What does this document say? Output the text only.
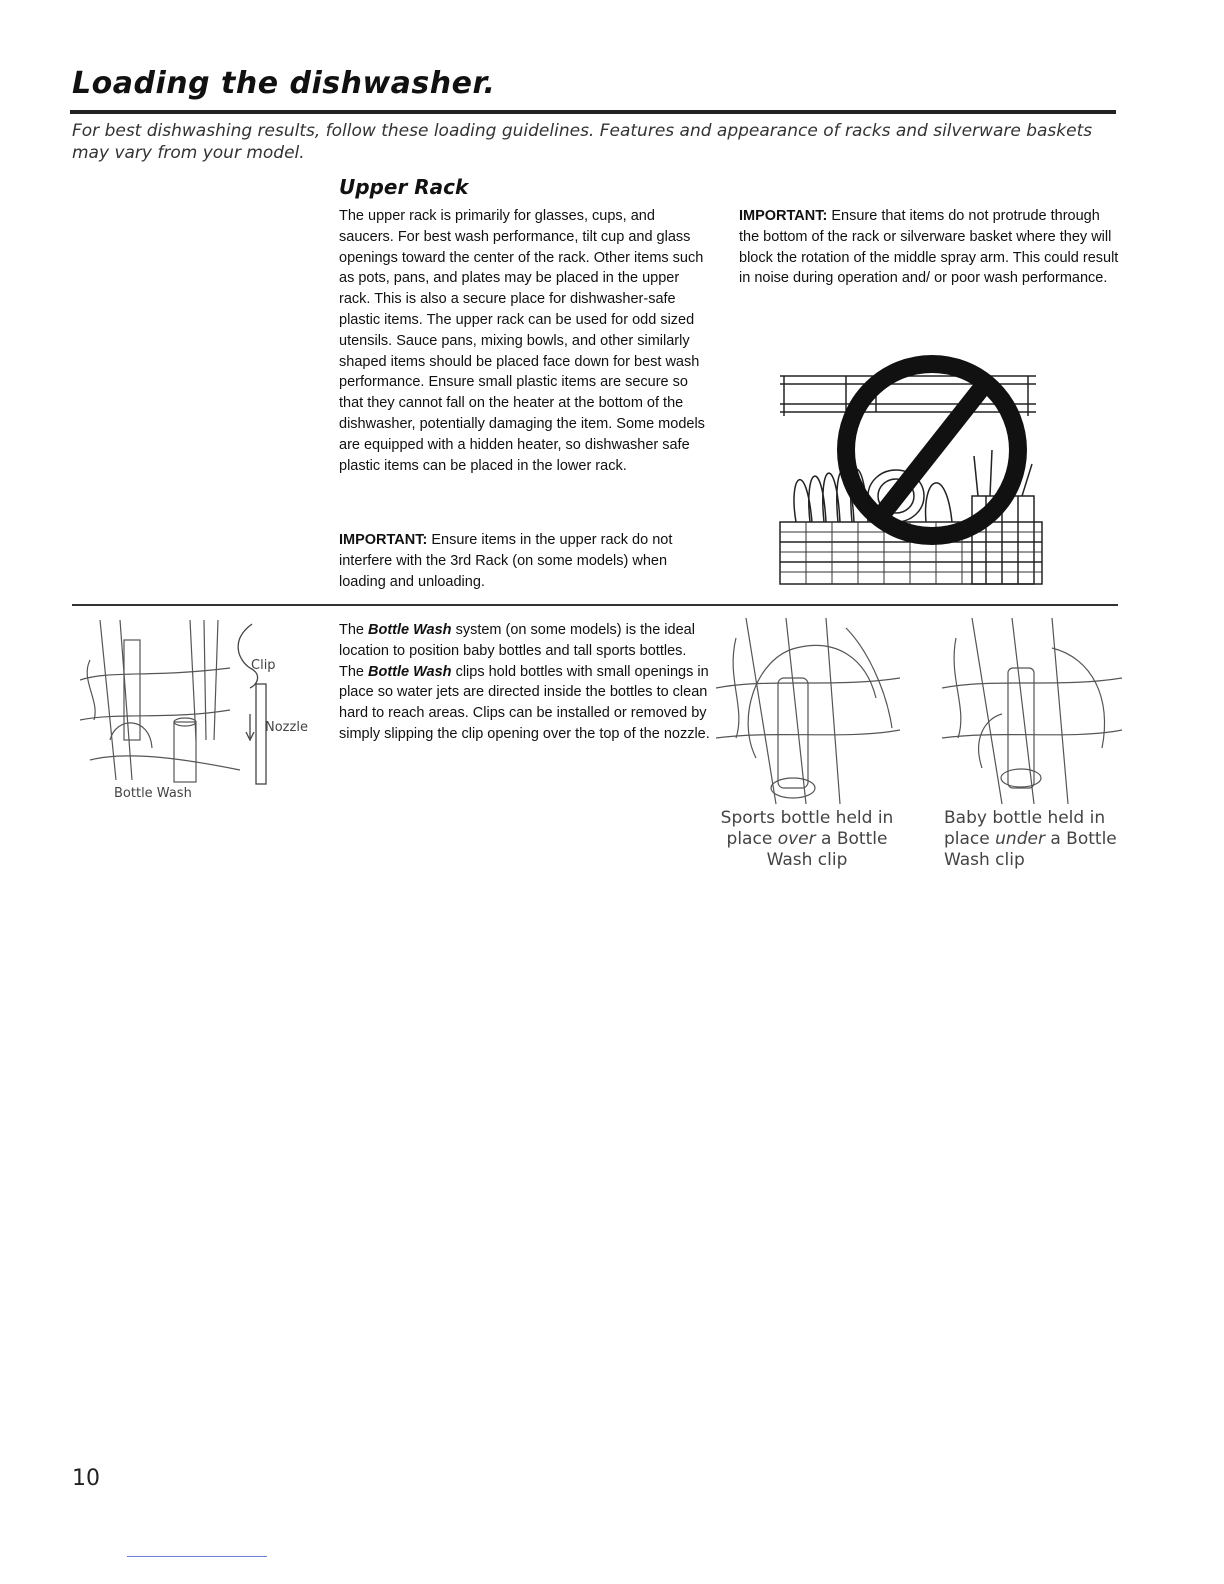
Loading the dishwasher.

For best dishwashing results, follow these loading guidelines. Features and appearance of racks and silverware baskets may vary from your model.

Upper Rack

The upper rack is primarily for glasses, cups, and saucers. For best wash performance, tilt cup and glass openings toward the center of the rack. Other items such as pots, pans, and plates may be placed in the upper rack. This is also a secure place for dishwasher-safe plastic items. The upper rack can be used for odd sized utensils. Sauce pans, mixing bowls, and other similarly shaped items should be placed face down for best wash performance. Ensure small plastic items are secure so that they cannot fall on the heater at the bottom of the dishwasher, potentially damaging the item. Some models are equipped with a hidden heater, so dishwasher safe plastic items can be placed in the lower rack.

IMPORTANT: Ensure items in the upper rack do not interfere with the 3rd Rack (on some models) when loading and unloading.

IMPORTANT: Ensure that items do not protrude through the bottom of the rack or silverware basket where they will block the rotation of the middle spray arm. This could result in noise during operation and/ or poor wash performance.

Clip
Nozzle
Bottle Wash

The Bottle Wash system (on some models) is the ideal location to position baby bottles and tall sports bottles. The Bottle Wash clips hold bottles with small openings in place so water jets are directed inside the bottles to clean hard to reach areas. Clips can be installed or removed by simply slipping the clip opening over the top of the nozzle.

Sports bottle held in place over a Bottle Wash clip

Baby bottle held in place under a Bottle Wash clip

10
